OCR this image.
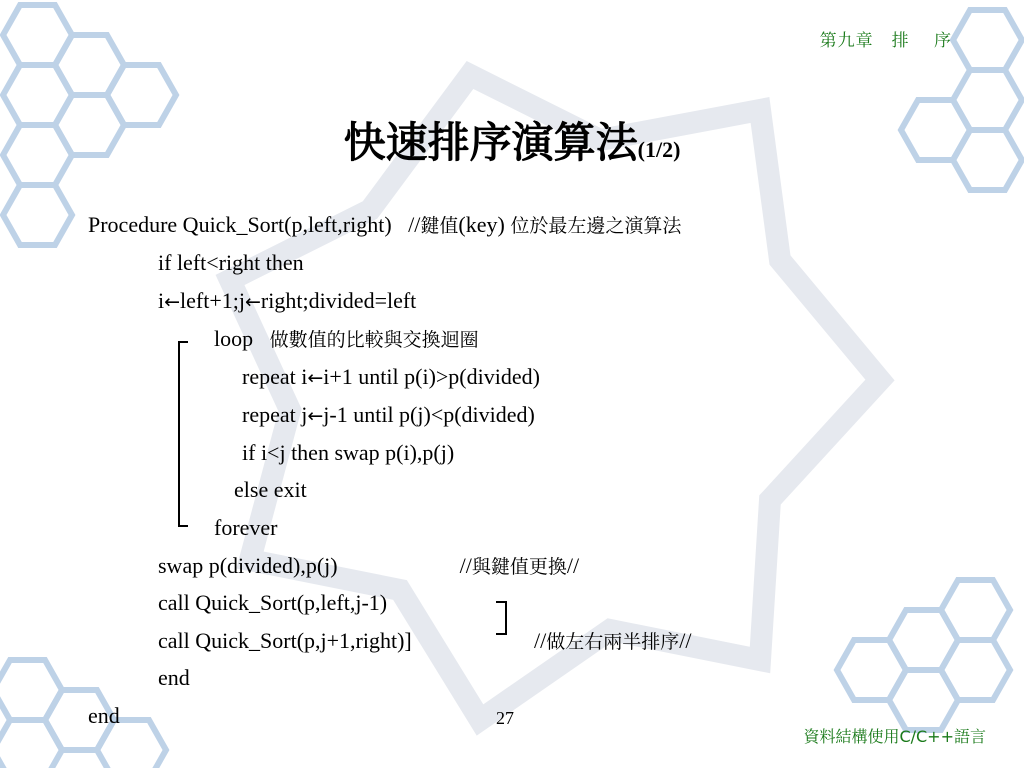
第九章　排　 序
快速排序演算法(1/2)
Procedure Quick_Sort(p,left,right)   //鍵值(key) 位於最左邊之演算法
if left<right then
i←left+1;j←right;divided=left
loop   做數值的比較與交換迴圈
repeat i←i+1 until p(i)>p(divided)
repeat j←j-1 until p(j)<p(divided)
if i<j then swap p(i),p(j)
else exit
forever
swap p(divided),p(j)	//與鍵值更換//
call Quick_Sort(p,left,j-1)
call Quick_Sort(p,j+1,right)]	//做左右兩半排序//
end
end	27
資料結構使用C/C++語言
